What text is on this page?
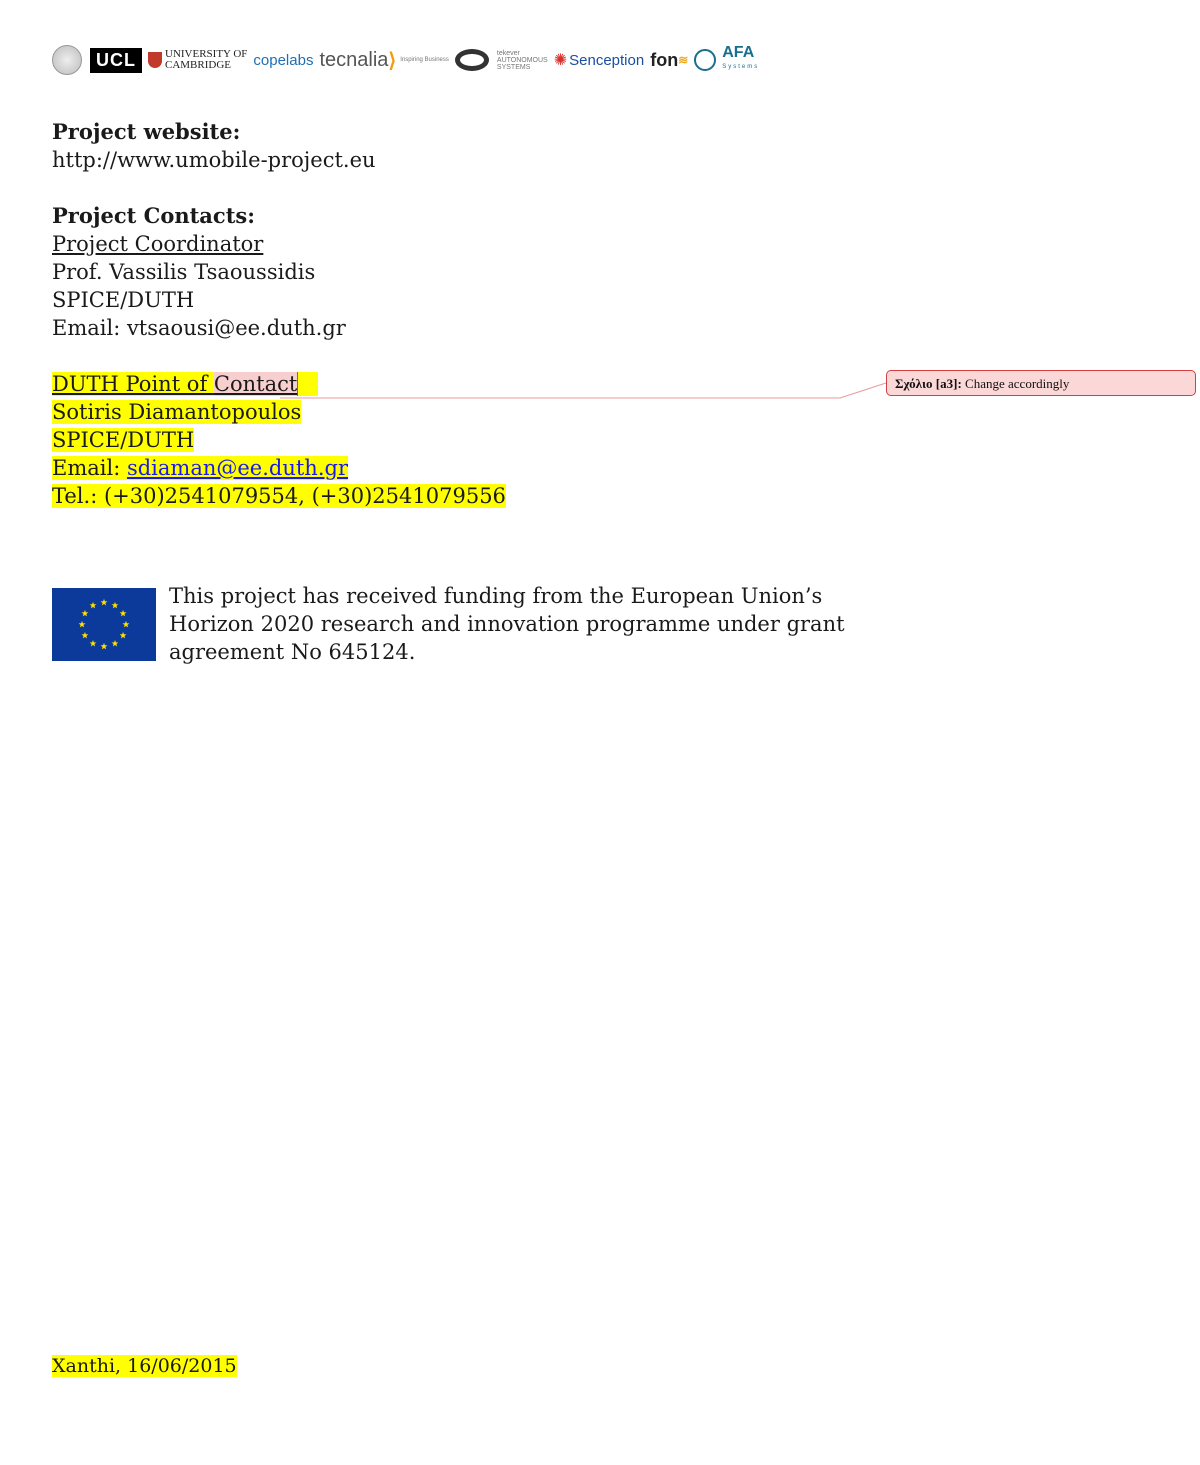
UCL	UNIVERSITY OF
CAMBRIDGE	copelabs tecnalia ⟩ Inspiring Business
tekever
AUTONOMOUS
SYSTEMS	✺ Senception fon ≋ AFA
Systems
Project website:
http://www.umobile-project.eu
Project Contacts:
Project Coordinator
Prof. Vassilis Tsaoussidis
SPICE/DUTH
Email: vtsaousi@ee.duth.gr
DUTH Point of Contact
Sotiris Diamantopoulos
SPICE/DUTH
Email: sdiaman@ee.duth.gr
Tel.: (+30)2541079554, (+30)2541079556
Σχόλιο [a3]: Change accordingly
This project has received funding from the European Union’s Horizon 2020 research and innovation programme under grant agreement No 645124.
Xanthi, 16/06/2015
